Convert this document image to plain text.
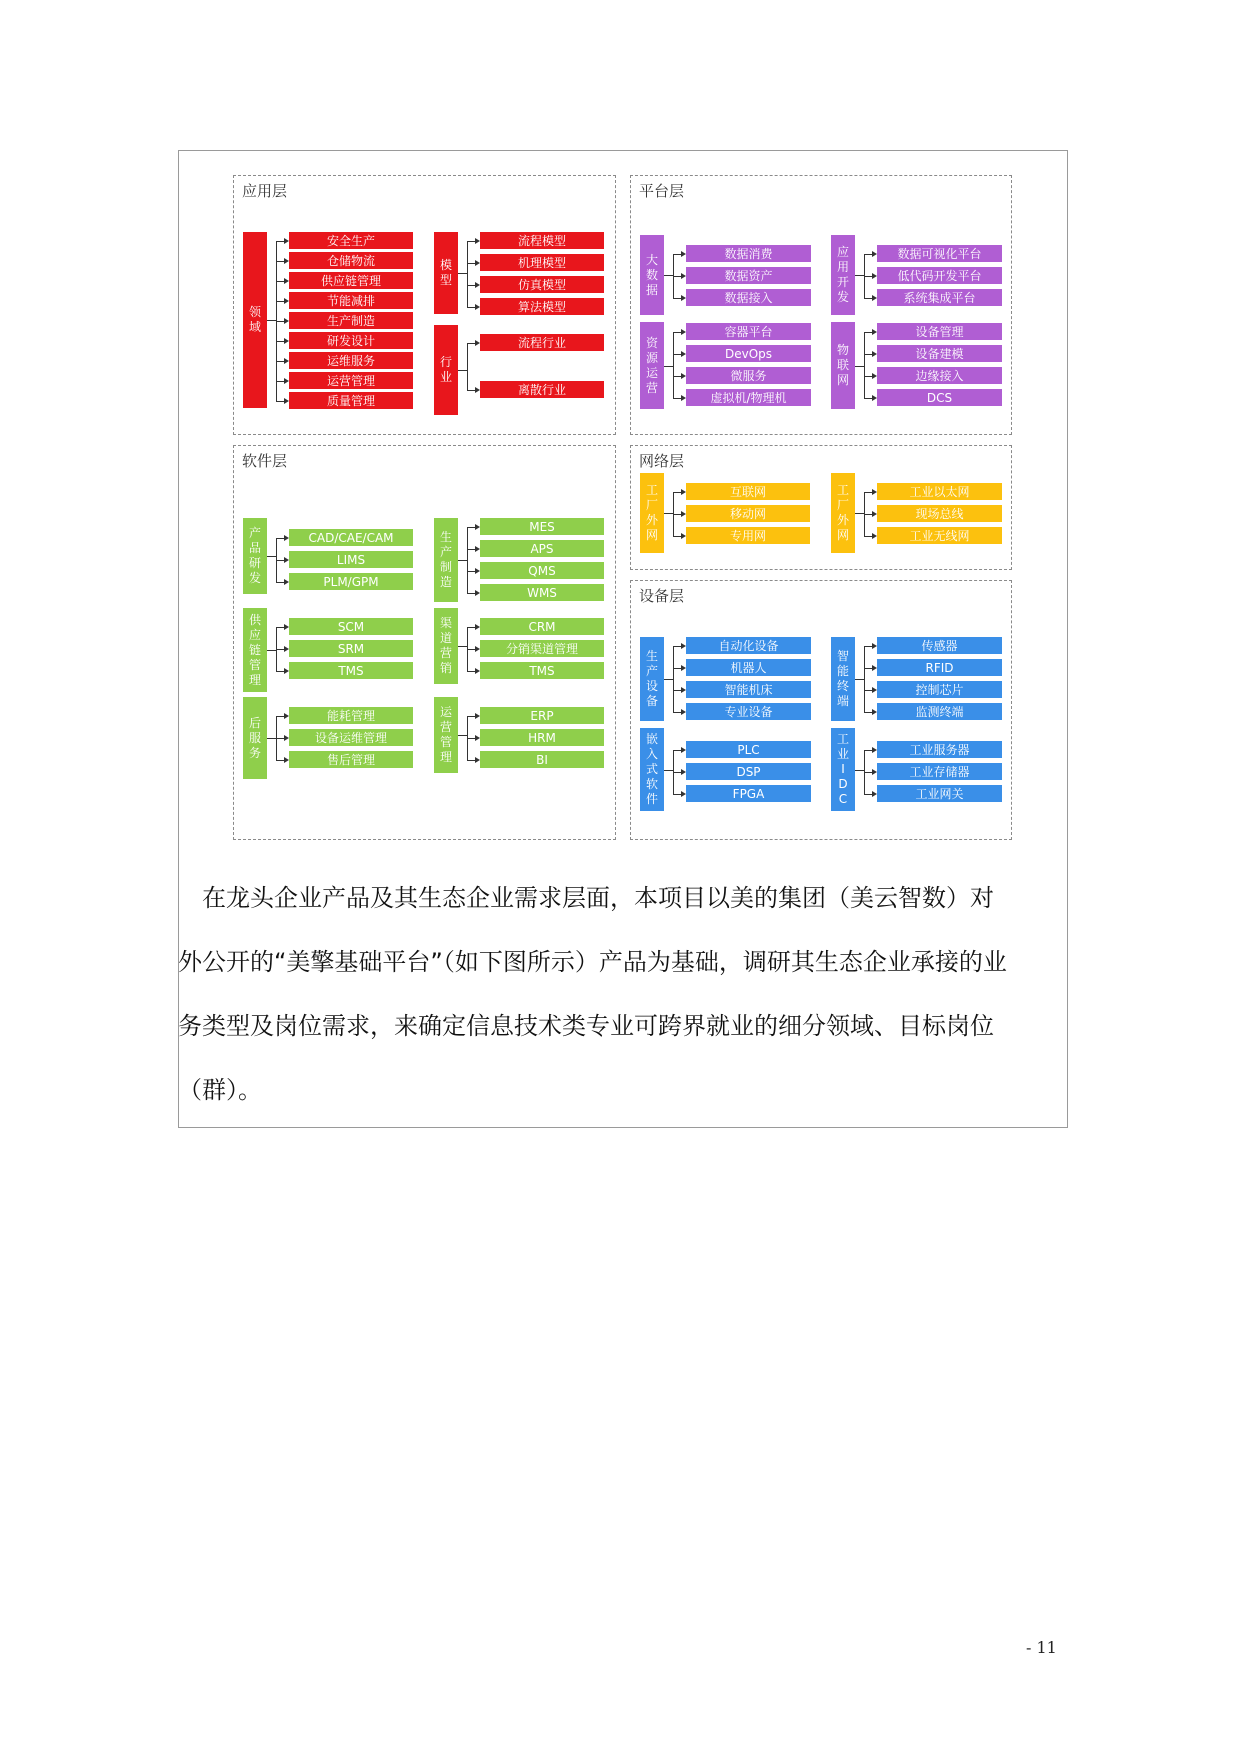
应用层	平台层
软件层	网络层
设备层
领域
安全生产
仓储物流
供应链管理
节能减排
生产制造
研发设计
运维服务
运营管理
质量管理
模型
流程模型
机理模型
仿真模型
算法模型
行业
流程行业
离散行业
大数据
数据消费
数据资产
数据接入
应用开发
数据可视化平台
低代码开发平台
系统集成平台
资源运营
容器平台
DevOps
微服务
虚拟机/物理机
物联网
设备管理
设备建模
边缘接入
DCS
产品研发
CAD/CAE/CAM
LIMS
PLM/GPM
生产制造
MES
APS
QMS
WMS
供应链管理
SCM
SRM
TMS
渠道营销
CRM
分销渠道管理
TMS
后服务
能耗管理
设备运维管理
售后管理
运营管理
ERP
HRM
BI
工厂外网
互联网
移动网
专用网
工厂外网
工业以太网
现场总线
工业无线网
生产设备
自动化设备
机器人
智能机床
专业设备
智能终端
传感器
RFID
控制芯片
监测终端
嵌入式软件
PLC
DSP
FPGA
工业IDC
工业服务器
工业存储器
工业网关
　在龙头企业产品及其生态企业需求层面，本项目以美的集团（美云智数）对
外公开的“美擎基础平台”（如下图所示）产品为基础，调研其生态企业承接的业
务类型及岗位需求，来确定信息技术类专业可跨界就业的细分领域、目标岗位
（群）。
- 11
